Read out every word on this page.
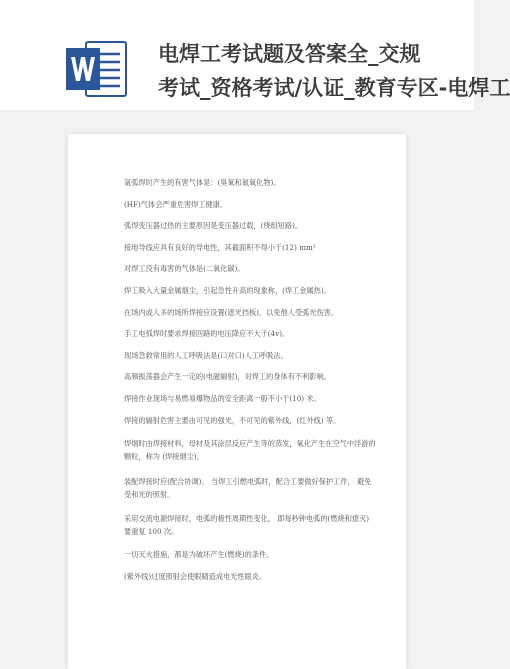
电焊工考试题及答案全_交规
考试_资格考试/认证_教育专区-电焊工
氩弧焊时产生的有害气体是：(臭氧和氮氧化物)。
(HF)气体会严重危害焊工健康。
弧焊变压器过热的主要原因是变压器过载，(绕组短路)。
接地导线应具有良好的导电性，其截面积不得小于(12) mm²
对焊工没有毒害的气体是(二氧化碳)。
焊工吸入大量金属烟尘，引起急性升高的现象称，(焊工金属热)。
在场内或人多的场所焊接应设置(遮光挡板)，以免他人受弧光伤害。
手工电弧焊时要求焊接回路的电压降应不大于(4v)。
现场急救常用的人工呼吸法是(口对口)人工呼吸法。
高频振荡器会产生一定的(电磁辐射)，对焊工的身体有不利影响。
焊接作业现场与易燃易爆物品的安全距离一般不小于(10) 米。
焊接的辐射危害主要由可见的强光，不可见的紫外线，(红外线) 等。
焊烟时由焊接材料，母材及其涂层反应产生等的蒸发，氧化产生在空气中浮游的颗粒，称为 (焊接烟尘)。
装配焊接时应(配合协调)。 当焊工引燃电弧时，配合工要做好保护工作， 避免受和光的照射。
采用交流电源焊接时，电弧的极性周期性变化， 即每秒钟电弧的(燃烧和熄灭)要重复 100 次。
一切灭火措施，都是为破坏产生(燃烧)的条件。
(紫外线)过度照射会使眼睛造成电光性眼炎。
